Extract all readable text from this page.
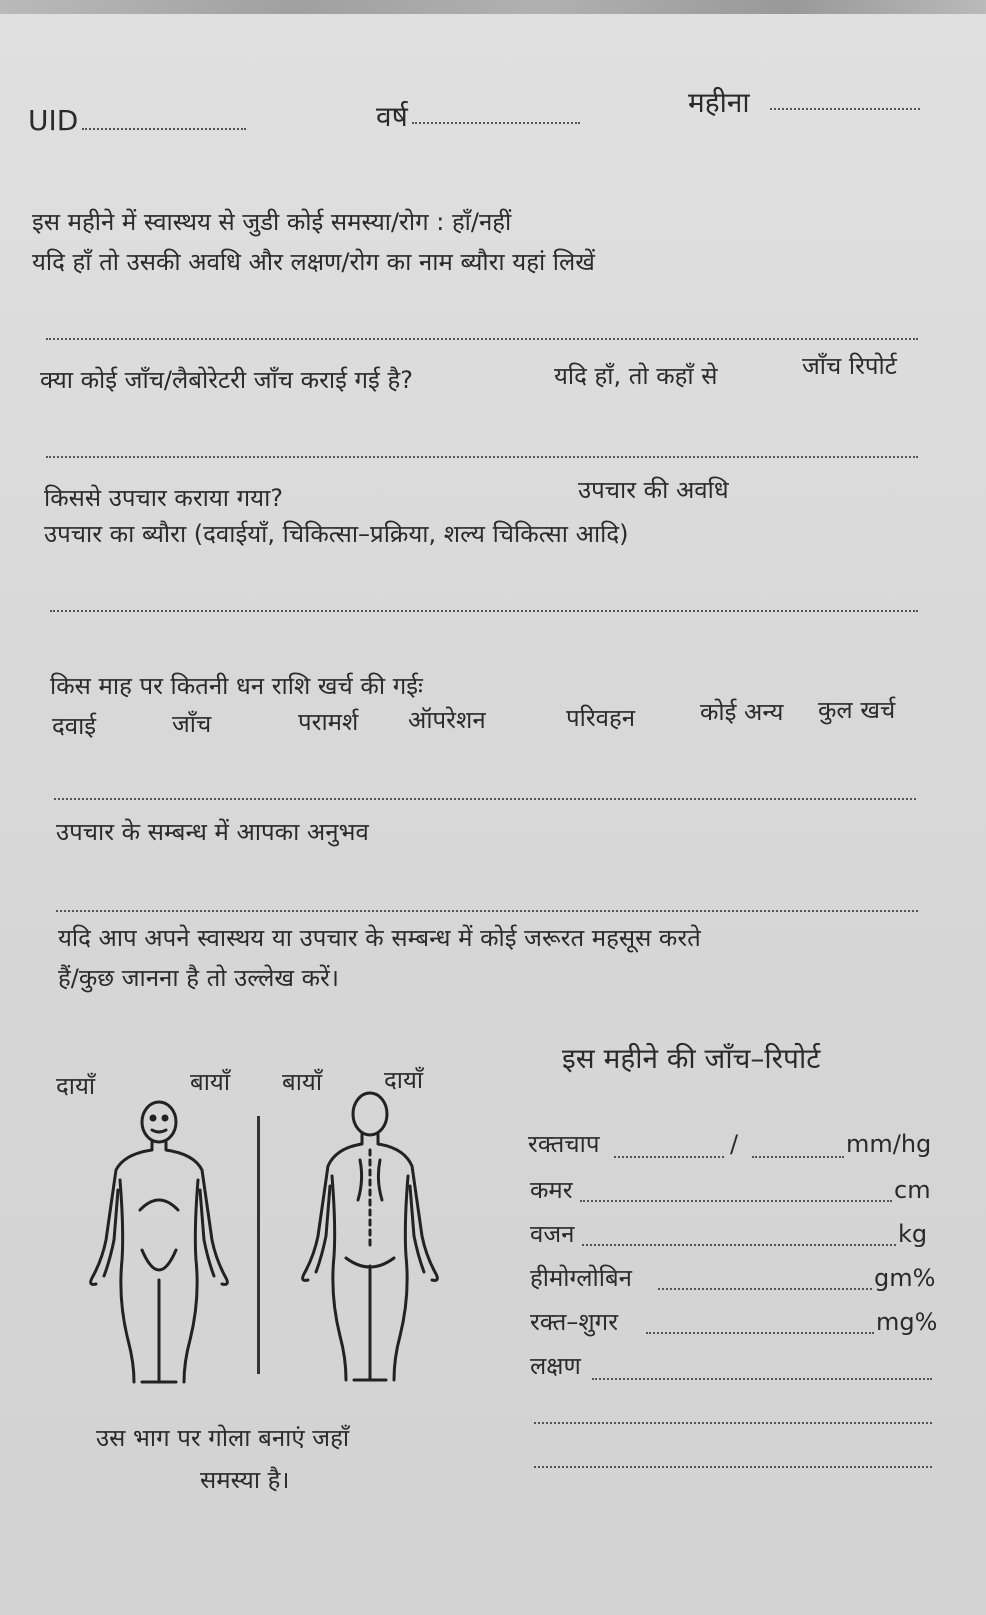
UID	वर्ष	महीना
इस महीने में स्वास्थय से जुडी कोई समस्या/रोग : हाँ/नहीं
यदि हाँ तो उसकी अवधि और लक्षण/रोग का नाम ब्यौरा यहां लिखें
क्या कोई जाँच/लैबोरेटरी जाँच कराई गई है?	यदि हाँ, तो कहाँ से	जाँच रिपोर्ट
किससे उपचार कराया गया?	उपचार की अवधि
उपचार का ब्यौरा (दवाईयाँ, चिकित्सा–प्रक्रिया, शल्य चिकित्सा आदि)
किस माह पर कितनी धन राशि खर्च की गईः
दवाई	जाँच	परामर्श ऑपरेशन	परिवहन	कोई अन्य कुल खर्च
उपचार के सम्बन्ध में आपका अनुभव
यदि आप अपने स्वास्थय या उपचार के सम्बन्ध में कोई जरूरत महसूस करते
हैं/कुछ जानना है तो उल्लेख करें।
दायाँ	बायाँ बायाँ	दायाँ
उस भाग पर गोला बनाएं जहाँ
समस्या है।
इस महीने की जाँच–रिपोर्ट
रक्तचाप	/	mm/hg
कमर	cm
वजन	kg
हीमोग्लोबिन	gm%
रक्त–शुगर	mg%
लक्षण
